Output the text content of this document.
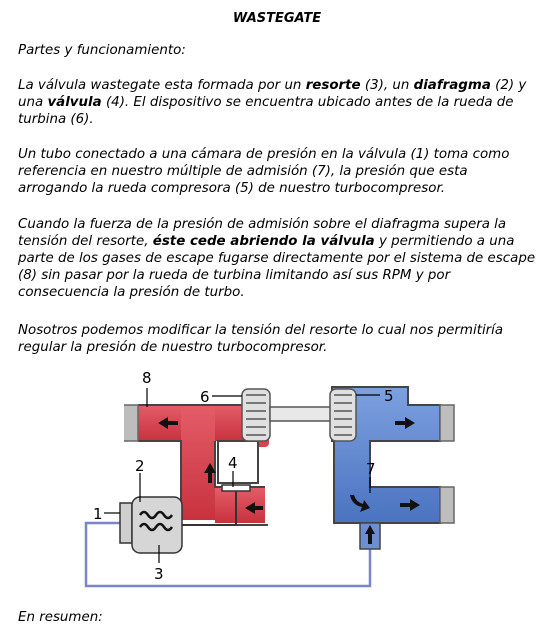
WASTEGATE

Partes y funcionamiento:

La válvula wastegate esta formada por un resorte (3), un diafragma (2) y una válvula (4). El dispositivo se encuentra ubicado antes de la rueda de turbina (6).

Un tubo conectado a una cámara de presión en la válvula (1) toma como referencia en nuestro múltiple de admisión (7), la presión que esta arrogando la rueda compresora (5) de nuestro turbocompresor.

Cuando la fuerza de la presión de admisión sobre el diafragma supera la tensión del resorte, éste cede abriendo la válvula y permitiendo a una parte de los gases de escape fugarse directamente por el sistema de escape (8) sin pasar por la rueda de turbina limitando así sus RPM y por consecuencia la presión de turbo.

Nosotros podemos modificar la tensión del resorte lo cual nos permitiría regular la presión de nuestro turbocompresor.

8
6	5
4	7
2
1
3

En resumen:
